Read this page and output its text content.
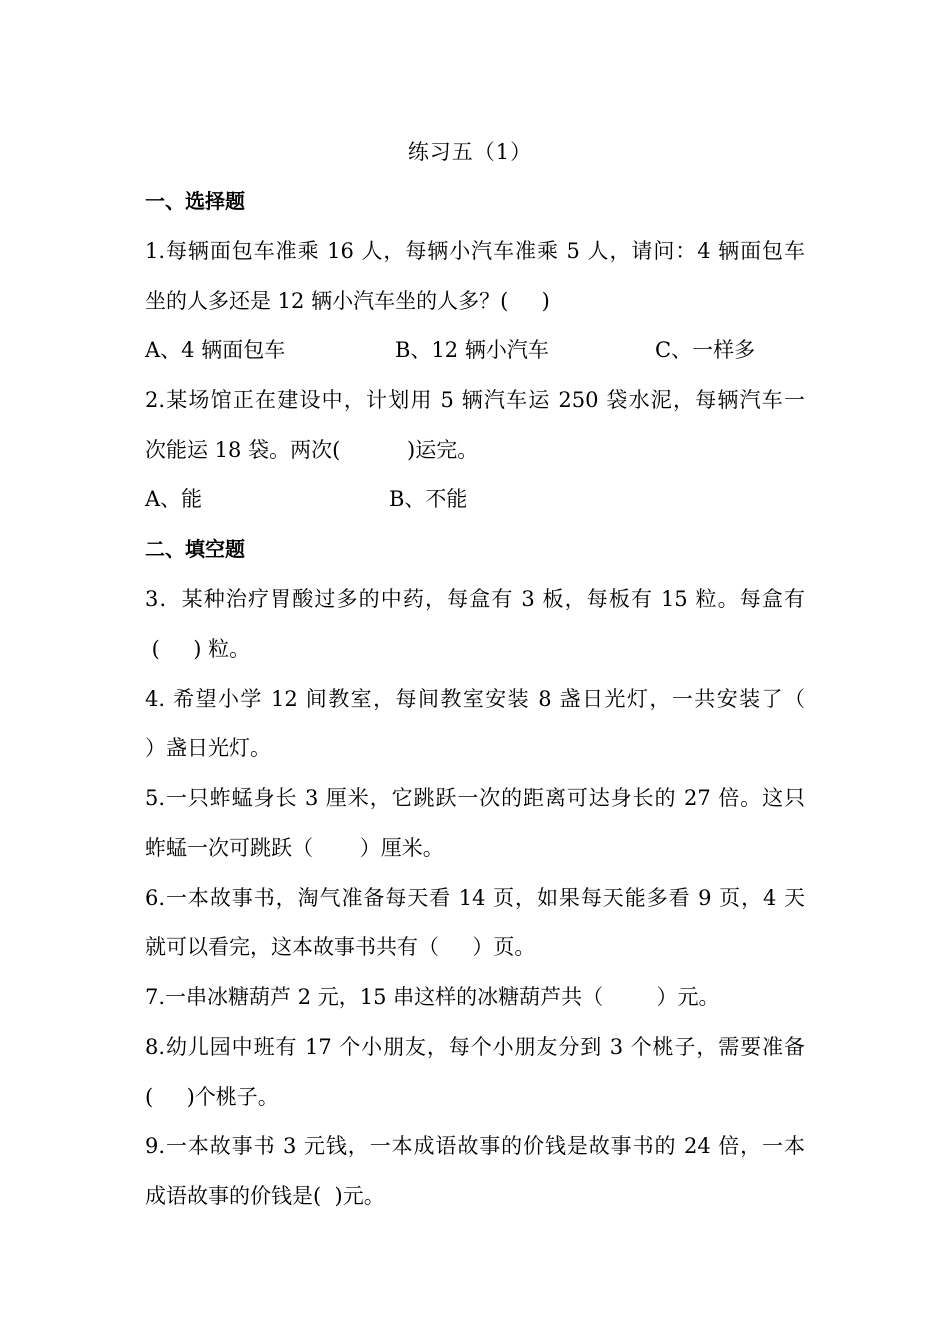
练习五（1）
一、选择题
1.每辆面包车准乘 16 人，每辆小汽车准乘 5 人，请问：4 辆面包车
坐的人多还是 12 辆小汽车坐的人多？(     )
A、4 辆面包车	B、12 辆小汽车	C、一样多
2.某场馆正在建设中，计划用 5 辆汽车运 250 袋水泥，每辆汽车一
次能运 18 袋。两次(          )运完。
A、能	B、不能
二、填空题
3．某种治疗胃酸过多的中药，每盒有 3 板，每板有 15 粒。每盒有
(     ) 粒。
4. 希望小学 12 间教室，每间教室安装 8 盏日光灯，一共安装了（
）盏日光灯。
5.一只蚱蜢身长 3 厘米，它跳跃一次的距离可达身长的 27 倍。这只
蚱蜢一次可跳跃（       ）厘米。
6.一本故事书，淘气准备每天看 14 页，如果每天能多看 9 页，4 天
就可以看完，这本故事书共有（     ）页。
7.一串冰糖葫芦 2 元，15 串这样的冰糖葫芦共（        ）元。
8.幼儿园中班有 17 个小朋友，每个小朋友分到 3 个桃子，需要准备
(     )个桃子。
9.一本故事书 3 元钱，一本成语故事的价钱是故事书的 24 倍，一本
成语故事的价钱是(  )元。
